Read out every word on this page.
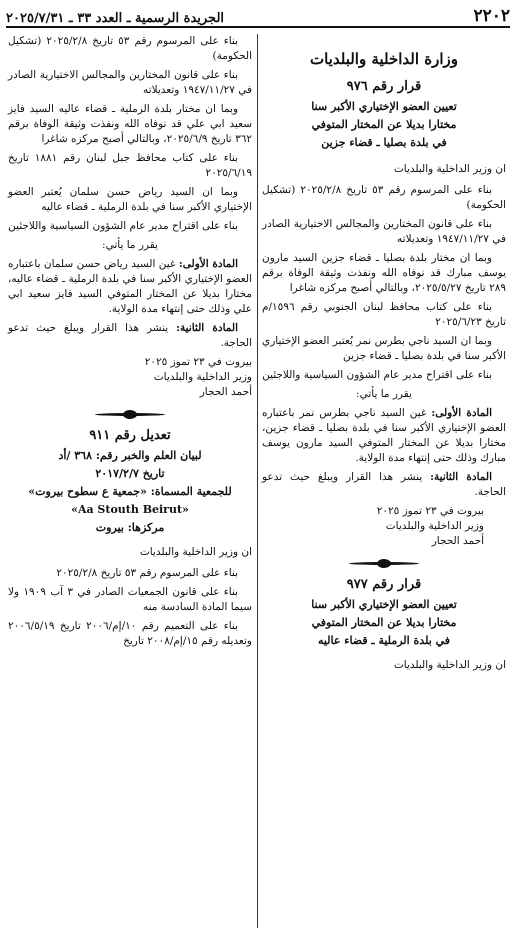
٢٢٠٢
الجريدة الرسمية ـ العدد ٣٣ ـ ٢٠٢٥/٧/٣١

وزارة الداخلية والبلديات

قرار رقم ٩٧٦

تعيين العضو الإختياري الأكبر سنا

مختارا بديلا عن المختار المتوفي

في بلدة بصليا ـ قضاء جزين

ان وزير الداخلية والبلديات

بناء على المرسوم رقم ٥٣ تاريخ ٢٠٢٥/٢/٨ (تشكيل الحكومة)

بناء على قانون المختارين والمجالس الاختيارية الصادر في ١٩٤٧/١١/٢٧ وتعديلاته

وبما ان مختار بلدة بصليا ـ قضاء جزين السيد مارون يوسف مبارك قد نوفاه الله ونفذت وثيقة الوفاة برقم ٢٨٩ تاريخ ٢٠٢٥/٥/٢٧، وبالتالي أصبح مركزه شاغرا

بناء على كتاب محافظ لبنان الجنوبي رقم ١٥٩٦/م تاريخ ٢٠٢٥/٦/٢٣

وبما ان السيد ناجي بطرس نمر يُعتبر العضو الإختياري الأكبر سنا في بلدة بصليا ـ قضاء جزين

بناء على اقتراح مدير عام الشؤون السياسية واللاجئين

يقرر ما يأتي:

المادة الأولى: غين السيد ناجي بطرس نمر باعتباره العضو الإختياري الأكبر سنا في بلدة بصليا ـ قضاء جزين، مختارا بديلا عن المختار المتوفي السيد مارون يوسف مبارك وذلك حتى إنتهاء مدة الولاية.

المادة الثانية: ينشر هذا القرار ويبلغ حيث تدعو الحاجة.

بيروت في ٢٣ تموز ٢٠٢٥

وزير الداخلية والبلديات

أحمد الحجار

قرار رقم ٩٧٧

تعيين العضو الإختياري الأكبر سنا

مختارا بديلا عن المختار المتوفي

في بلدة الرملية ـ قضاء عاليه

ان وزير الداخلية والبلديات

بناء على المرسوم رقم ٥٣ تاريخ ٢٠٢٥/٢/٨ (تشكيل الحكومة)

بناء على قانون المختارين والمجالس الاختيارية الصادر في ١٩٤٧/١١/٢٧ وتعديلاته

وبما ان مختار بلدة الرملية ـ قضاء عاليه السيد فايز سعيد ابي علي قد نوفاه الله ونفذت وثيقة الوفاة برقم ٣٦٢ تاريخ ٢٠٢٥/٦/٩، وبالتالي أصبح مركزه شاغرا

بناء على كتاب محافظ جبل لبنان رقم ١٨٨١ تاريخ ٢٠٢٥/٦/١٩

وبما ان السيد رياض حسن سلمان يُعتبر العضو الإختياري الأكبر سنا في بلدة الرملية ـ قضاء عاليه

بناء على اقتراح مدير عام الشؤون السياسية واللاجئين

يقرر ما يأتي:

المادة الأولى: غين السيد رياض حسن سلمان باعتباره العضو الإختياري الأكبر سنا في بلدة الرملية ـ قضاء عاليه، مختارا بديلا عن المختار المتوفي السيد فايز سعيد ابي علي وذلك حتى إنتهاء مدة الولاية.

المادة الثانية: ينشر هذا القرار ويبلغ حيث تدعو الحاجة.

بيروت في ٢٣ تموز ٢٠٢٥

وزير الداخلية والبلديات

أحمد الحجار

تعديل رقم ٩١١

لبيان العلم والخبر رقم: ٣٦٨ /أد

تاريخ ٢٠١٧/٢/٧

للجمعية المسماة: «جمعية ع سطوح بيروت»

«Aa Stouth Beirut»

مركزها: بيروت

ان وزير الداخلية والبلديات

بناء على المرسوم رقم ٥٣ تاريخ ٢٠٢٥/٢/٨

بناء على قانون الجمعيات الصادر في ٣ آب ١٩٠٩ ولا سيما المادة السادسة منه

بناء على التعميم رقم ١٠/إم/٢٠٠٦ تاريخ ٢٠٠٦/٥/١٩ وتعديله رقم ١٥/إم/٢٠٠٨ تاريخ
